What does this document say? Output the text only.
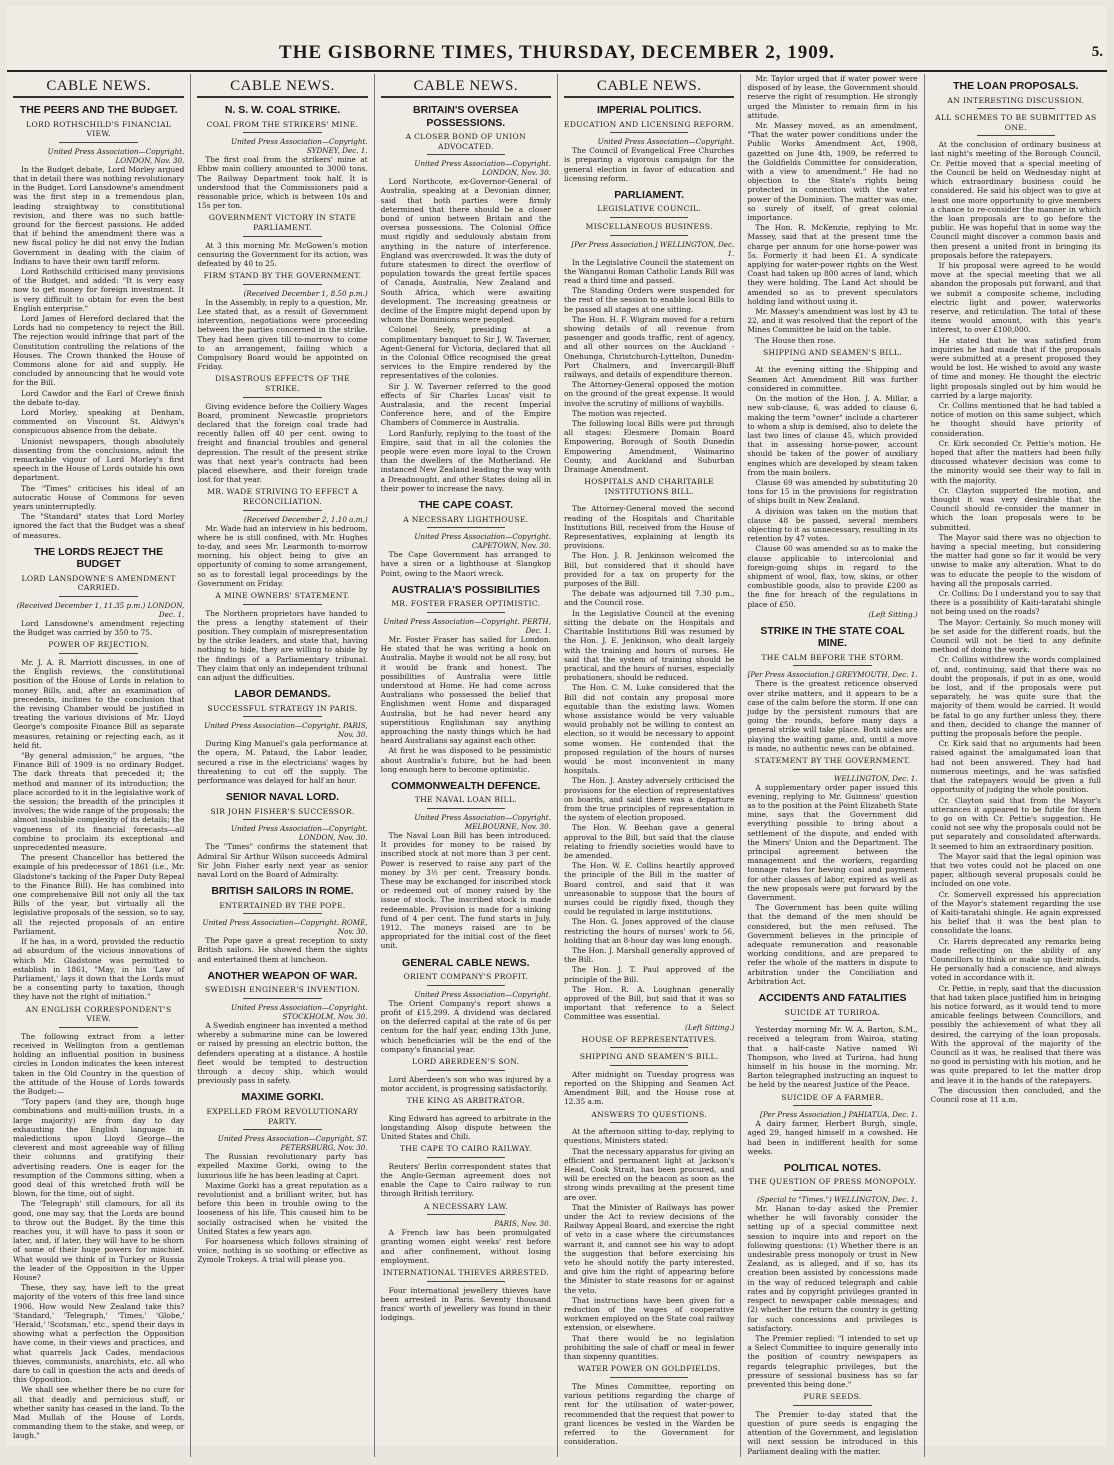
THE GISBORNE TIMES, THURSDAY, DECEMBER 2, 1909.	5.
CABLE NEWS.
THE PEERS AND THE BUDGET.
LORD ROTHSCHILD'S FINANCIAL VIEW.
United Press Association—Copyright. LONDON, Nov. 30.

In the Budget debate, Lord Morley argued that in detail there was nothing revolutionary in the Budget. Lord Lansdowne's amendment was the first step in a tremendous plan, leading straightway to constitutional revision, and there was no such battle-ground for the fiercest passions. He added that if behind the amendment there was a new fiscal policy he did not envy the Indian Government in dealing with the claim of Indians to have their own tariff reform.

Lord Rothschild criticised many provisions of the Budget, and added: "It is very easy now to get money for foreign investment. It is very difficult to obtain for even the best English enterprise."

Lord James of Hereford declared that the Lords had no competency to reject the Bill. The rejection would infringe that part of the Constitution controlling the relations of the Houses. The Crown thanked the House of Commons alone for aid and supply. He concluded by announcing that he would vote for the Bill.

Lord Cawdor and the Earl of Crewe finish the debate to-day.

Lord Morley, speaking at Denham, commented on Viscount St. Aldwyn's conspicuous absence from the debate.

Unionist newspapers, though absolutely dissenting from the conclusions, admit the remarkable vigour of Lord Morley's first speech in the House of Lords outside his own department.

The "Times" criticises his ideal of an autocratic House of Commons for seven years uninterruptedly.

The "Standard" states that Lord Morley ignored the fact that the Budget was a sheaf of measures.

THE LORDS REJECT THE BUDGET
LORD LANSDOWNE'S AMENDMENT CARRIED.
(Received December 1, 11.35 p.m.) LONDON, Dec. 1.

Lord Lansdowne's amendment rejecting the Budget was carried by 350 to 75.

POWER OF REJECTION.

Mr. J. A. R. Marriott discusses, in one of the English reviews, the constitutional position of the House of Lords in relation to money Bills, and, after an examination of precedents, inclines to the conclusion that the revising Chamber would be justified in treating the various divisions of Mr. Lloyd George's composite Finance Bill as separate measures, retaining or rejecting each, as it held fit.

"By general admission," he argues, "the Finance Bill of 1909 is no ordinary Budget. The dark threats that preceded it; the method and manner of its introduction; the place accorded to it in the legislative work of the session; the breadth of the principles it involves; the wide range of the proposals; the almost insoluble complexity of its details; the vagueness of its financial forecasts—all combine to proclaim its exceptional and unprecedented measure.

The present Chancellor has bettered the example of his predecessor of 1861 (i.e., Mr. Gladstone's tacking of the Paper Duty Repeal to the Finance Bill). He has combined into one comprehensive Bill not only all the tax Bills of the year, but virtually all the legislative proposals of the session, so to say, all the rejected proposals of an entire Parliament.

If he has, in a word, provided the reductio ad absurdum of the vicious innovations of which Mr. Gladstone was permitted to establish in 1861, "May, in his 'Law of Parliament,' lays it down that the Lords must be a consenting party to taxation, though they have not the right of initiation."

AN ENGLISH CORRESPONDENT'S VIEW.

The following extract from a letter received in Wellington from a gentleman holding an influential position in business circles in London indicates the keen interest taken in the Old Country in the question of the attitude of the House of Lords towards the Budget:—

"Tory papers (and they are, though huge combinations and multi-million trusts, in a large majority) are from day to day exhausting the English language in maledictions upon Lloyd George—the cleverest and most agreeable way of filling their columns and gratifying their advertising readers. One is eager for the resumption of the Commons sitting, when a good deal of this wretched froth will be blown, for the time, out of sight.

The 'Telegraph' still clamours, for all its good, one may say, that the Lords are bound to throw out the Budget. By the time this reaches you, it will have to pass it soon or later, and, if later, they will have to be shorn of some of their huge powers for mischief. What would we think of in Turkey or Russia the leader of the Opposition in the Upper House?

These, they say, have left to the great majority of the voters of this free land since 1906. How would New Zealand take this? 'Standard,' 'Telegraph,' 'Times,' 'Globe,' 'Herald,' 'Scotsman,' etc., spend their days in showing what a perfection the Opposition have come, in their views and practices, and what quarrels Jack Cades, mendacious thieves, communists, anarchists, etc. all who dare to call in question the acts and deeds of this Opposition.

We shall see whether there be no cure for all that deadly and pernicious stuff, or whether sanity has ceased in the land. To the Mad Mullah of the House of Lords, commanding them to the stake, and weep, or laugh."

CABLE NEWS.
N. S. W. COAL STRIKE.
COAL FROM THE STRIKERS' MINE.
United Press Association—Copyright. SYDNEY, Dec. 1.

The first coal from the strikers' mine at Ebbw main colliery amounted to 3000 tons. The Railway Department took half. It is understood that the Commissioners paid a reasonable price, which is between 10s and 15s per ton.

GOVERNMENT VICTORY IN STATE PARLIAMENT.

At 3 this morning Mr. McGowen's motion censuring the Government for its action, was defeated by 40 to 25.

FIRM STAND BY THE GOVERNMENT.
(Received December 1, 8.50 p.m.)

In the Assembly, in reply to a question, Mr. Lee stated that, as a result of Government intervention, negotiations were proceeding between the parties concerned in the strike. They had been given till to-morrow to come to an arrangement, failing which a Compulsory Board would be appointed on Friday.

DISASTROUS EFFECTS OF THE STRIKE.

Giving evidence before the Colliery Wages Board, prominent Newcastle proprietors declared that the foreign coal trade had recently fallen off 40 per cent. owing to freight and financial troubles and general depression. The result of the present strike was that next year's contracts had been placed elsewhere, and their foreign trade lost for that year.

MR. WADE STRIVING TO EFFECT A RECONCILIATION.
(Received December 2, 1.10 a.m.)

Mr. Wade had an interview in his bedroom, where he is still confined, with Mr. Hughes to-day, and sees Mr. Learmonth to-morrow morning, his object being to give an opportunity of coming to some arrangement, so as to forestall legal proceedings by the Government on Friday.

A MINE OWNERS' STATEMENT.

The Northern proprietors have handed to the press a lengthy statement of their position. They complain of misrepresentation by the strike leaders, and state that, having nothing to hide, they are willing to abide by the findings of a Parliamentary tribunal. They claim that only an independent tribunal can adjust the difficulties.

LABOR DEMANDS.
SUCCESSFUL STRATEGY IN PARIS.
United Press Association—Copyright. PARIS, Nov. 30.

During King Manuel's gala performance at the opera, M. Pataud, the Labor leader, secured a rise in the electricians' wages by threatening to cut off the supply. The performance was delayed for half an hour.

SENIOR NAVAL LORD.
SIR JOHN FISHER'S SUCCESSOR.
United Press Association—Copyright. LONDON, Nov. 30.

The "Times" confirms the statement that Admiral Sir Arthur Wilson succeeds Admiral Sir John Fisher early next year as senior naval Lord on the Board of Admiralty.

BRITISH SAILORS IN ROME.
ENTERTAINED BY THE POPE.
United Press Association—Copyright. ROME, Nov. 30.

The Pope gave a great reception to sixty British sailors. He showed them the sights and entertained them at luncheon.

ANOTHER WEAPON OF WAR.
SWEDISH ENGINEER'S INVENTION.
United Press Association—Copyright. STOCKHOLM, Nov. 30.

A Swedish engineer has invented a method whereby a submarine mine can be lowered or raised by pressing an electric button, the defenders operating at a distance. A hostile fleet would be tempted to destruction through a decoy ship, which would previously pass in safety.

MAXIME GORKI.
EXPELLED FROM REVOLUTIONARY PARTY.
United Press Association—Copyright. ST. PETERSBURG, Nov. 30.

The Russian revolutionary party has expelled Maxime Gorki, owing to the luxurious life he has been leading at Capri.

Maxime Gorki has a great reputation as a revolutionist and a brilliant writer, but has before this been in trouble owing to the looseness of his life. This caused him to be socially ostracised when he visited the United States a few years ago.

For hoarseness which follows straining of voice, nothing is so soothing or effective as Zymole Trokeys. A trial will please you.

CABLE NEWS.
BRITAIN'S OVERSEA POSSESSIONS.
A CLOSER BOND OF UNION ADVOCATED.
United Press Association—Copyright. LONDON, Nov. 30.

Lord Northcote, ex-Governor-General of Australia, speaking at a Devonian dinner, said that both parties were firmly determined that there should be a closer bond of union between Britain and the oversea possessions. The Colonial Office must rigidly and sedulously abstain from anything in the nature of interference. England was overcrowded. It was the duty of future statesmen to direct the overflow of population towards the great fertile spaces of Canada, Australia, New Zealand and South Africa, which were awaiting development. The increasing greatness or decline of the Empire might depend upon by whom the Dominions were peopled.

Colonel Seely, presiding at a complimentary banquet to Sir J. W. Taverner, Agent-General for Victoria, declared that all in the Colonial Office recognised the great services to the Empire rendered by the representatives of the colonies.

Sir J. W. Taverner referred to the good effects of Sir Charles Lucas' visit to Australasia, and the recent Imperial Conference here, and of the Empire Chambers of Commerce in Australia.

Lord Ranfurly, replying to the toast of the Empire, said that in all the colonies the people were even more loyal to the Crown than the dwellers of the Motherland. He instanced New Zealand leading the way with a Dreadnought, and other States doing all in their power to increase the navy.

THE CAPE COAST.
A NECESSARY LIGHTHOUSE.
United Press Association—Copyright. CAPETOWN, Nov. 30.

The Cape Government has arranged to have a siren or a lighthouse at Slangkop Point, owing to the Maori wreck.

AUSTRALIA'S POSSIBILITIES
MR. FOSTER FRASER OPTIMISTIC.
United Press Association—Copyright. PERTH, Dec. 1.

Mr. Foster Fraser has sailed for London. He stated that he was writing a book on Australia. Maybe it would not be all rosy, but it would be frank and honest. The possibilities of Australia were little understood at Home. He had come across Australians who possessed the belief that Englishmen went Home and disparaged Australia, but he had never heard any superstitious Englishman say anything approaching the nasty things which he had heard Australians say against each other.

At first he was disposed to be pessimistic about Australia's future, but he had been long enough here to become optimistic.

COMMONWEALTH DEFENCE.
THE NAVAL LOAN BILL.
United Press Association—Copyright. MELBOURNE, Nov. 30.

The Naval Loan Bill has been introduced. It provides for money to be raised by inscribed stock at not more than 3 per cent. Power is reserved to raise any part of the money by 3½ per cent. Treasury bonds. These may be exchanged for inscribed stock or redeemed out of money raised by the issue of stock. The inscribed stock is made redeemable. Provision is made for a sinking fund of 4 per cent. The fund starts in July, 1912. The moneys raised are to be appropriated for the initial cost of the fleet unit.

GENERAL CABLE NEWS.
ORIENT COMPANY'S PROFIT.
United Press Association—Copyright.

The Orient Company's report shows a profit of £15,299. A dividend was declared on the deferred capital at the rate of 6s per centum for the half year, ending 13th June, which beneficiaries will be the end of the company's financial year.

LORD ABERDEEN'S SON.

Lord Aberdeen's son who was injured by a motor accident, is progressing satisfactorily.

THE KING AS ARBITRATOR.

King Edward has agreed to arbitrate in the longstanding Alsop dispute between the United States and Chili.

THE CAPE TO CAIRO RAILWAY.

Reuters' Berlin correspondent states that the Anglo-German agreement does not enable the Cape to Cairo railway to run through British territory.

A NECESSARY LAW.
PARIS, Nov. 30.

A French law has been promulgated granting women eight weeks' rest before and after confinement, without losing employment.

INTERNATIONAL THIEVES ARRESTED.

Four international jewellery thieves have been arrested in Paris. Seventy thousand francs' worth of jewellery was found in their lodgings.

CABLE NEWS.
IMPERIAL POLITICS.
EDUCATION AND LICENSING REFORM.
United Press Association—Copyright.

The Council of Evangelical Free Churches is preparing a vigorous campaign for the general election in favor of education and licensing reform.

PARLIAMENT.
LEGISLATIVE COUNCIL.
MISCELLANEOUS BUSINESS.
[Per Press Association.] WELLINGTON, Dec. 1.

In the Legislative Council the statement on the Wanganui Roman Catholic Lands Bill was read a third time and passed.

The Standing Orders were suspended for the rest of the session to enable local Bills to be passed all stages at one sitting.

The Hon. H. F. Wigram moved for a return showing details of all revenue from passenger and goods traffic, rent of agency, and all other sources on the Auckland - Onehunga, Christchurch-Lyttelton, Dunedin-Port Chalmers, and Invercargill-Bluff railways, and details of expenditure thereon.

The Attorney-General opposed the motion on the ground of the great expense. It would involve the scrutiny of millions of waybills.

The motion was rejected.

The following local Bills were put through all stages: Elesmere Domain Board Empowering, Borough of South Dunedin Empowering Amendment, Waimarino County, and Auckland and Suburban Drainage Amendment.

HOSPITALS AND CHARITABLE INSTITUTIONS BILL.

The Attorney-General moved the second reading of the Hospitals and Charitable Institutions Bill, received from the House of Representatives, explaining at length its provisions.

The Hon. J. R. Jenkinson welcomed the Bill, but considered that it should have provided for a tax on property for the purposes of the Bill.

The debate was adjourned till 7.30 p.m., and the Council rose.

In the Legislative Council at the evening sitting the debate on the Hospitals and Charitable Institutions Bill was resumed by the Hon. J. E. Jenkinson, who dealt largely with the training and hours of nurses. He said that the system of training should be practical, and the hours of nurses, especially probationers, should be reduced.

The Hon. C. M. Luke considered that the Bill did not contain any proposal more equitable than the existing laws. Women whose assistance would be very valuable would probably not be willing to contest an election, so it would be necessary to appoint some women. He contended that the proposed regulation of the hours of nurses would be most inconvenient in many hospitals.

The Hon. J. Anstey adversely criticised the provisions for the election of representatives on boards, and said there was a departure from the true principles of representation in the system of election proposed.

The Hon. W. Beehan gave a general approval to the Bill, but said that the clause relating to friendly societies would have to be amended.

The Hon. W. E. Collins heartily approved the principle of the Bill in the matter of Board control, and said that it was unreasonable to suppose that the hours of nurses could be rigidly fixed, though they could be regulated in large institutions.

The Hon. G. Jones approved of the clause restricting the hours of nurses' work to 56, holding that an 8-hour day was long enough.

The Hon. J. Marshall generally approved of the Bill.

The Hon. J. T. Paul approved of the principle of the Bill.

The Hon. R. A. Loughnan generally approved of the Bill, but said that it was so important that reference to a Select Committee was essential.

(Left Sitting.)
HOUSE OF REPRESENTATIVES.
SHIPPING AND SEAMEN'S BILL.

After midnight on Tuesday progress was reported on the Shipping and Seamen Act Amendment Bill, and the House rose at 12.35 a.m.

ANSWERS TO QUESTIONS.

At the afternoon sitting to-day, replying to questions, Ministers stated:

That the necessary apparatus for giving an efficient and permanent light at Jackson's Head, Cook Strait, has been procured, and will be erected on the beacon as soon as the strong winds prevailing at the present time are over.

That the Minister of Railways has power under the Act to review decisions of the Railway Appeal Board, and exercise the right of veto in a case where the circumstances warrant it, and cannot see his way to adopt the suggestion that before exercising his veto he should notify the party interested, and give him the right of appearing before the Minister to state reasons for or against the veto.

That instructions have been given for a reduction of the wages of cooperative workmen employed on the State coal railway extension, or elsewhere.

That there would be no legislation prohibiting the sale of chaff or meal in fewer than sixpenny quantities.

WATER POWER ON GOLDFIELDS.

The Mines Committee, reporting on various petitions regarding the charge of rent for the utilisation of water-power, recommended that the request that power to grant licences be vested in the Warden be referred to the Government for consideration.

Mr. Taylor urged that if water power were disposed of by lease, the Government should reserve the right of resumption. He strongly urged the Minister to remain firm in his attitude.

Mr. Massey moved, as an amendment, "That the water power conditions under the Public Works Amendment Act, 1908, gazetted on June 4th, 1909, be referred to the Goldfields Committee for consideration, with a view to amendment." He had no objection to the State's rights being protected in connection with the water power of the Dominion. The matter was one, so surely of itself, of great colonial importance.

The Hon. R. McKenzie, replying to Mr. Massey, said that at the present time the charge per annum for one horse-power was 5s. Formerly it had been £1. A syndicate applying for water-power rights on the West Coast had taken up 800 acres of land, which they were holding. The Land Act should be amended so as to prevent speculators holding land without using it.

Mr. Massey's amendment was lost by 43 to 22, and it was resolved that the report of the Mines Committee be laid on the table.

The House then rose.

SHIPPING AND SEAMEN'S BILL.

At the evening sitting the Shipping and Seamen Act Amendment Bill was further considered in committee.

On the motion of the Hon. J. A. Millar, a new sub-clause, 6, was added to clause 6, making the term "owner" include a charterer to whom a ship is demised, also to delete the last two lines of clause 45, which provided that in assessing horse-power, account should be taken of the power of auxiliary engines which are developed by steam taken from the main boilers.

Clause 69 was amended by substituting 20 tons for 15 in the provisions for registration of ships built in New Zealand.

A division was taken on the motion that clause 48 be passed, several members objecting to it as unnecessary, resulting in its retention by 47 votes.

Clause 60 was amended so as to make the clause applicable to intercolonial and foreign-going ships in regard to the shipment of wool, flax, tow, skins, or other combustible goods, also to provide £200 as the fine for breach of the regulations in place of £50.

(Left Sitting.)
STRIKE IN THE STATE COAL MINE.
THE CALM BEFORE THE STORM.
[Per Press Association.] GREYMOUTH, Dec. 1.

There is the greatest reticence observed over strike matters, and it appears to be a case of the calm before the storm. If one can judge by the persistent rumours that are going the rounds, before many days a general strike will take place. Both sides are playing the waiting game, and, until a move is made, no authentic news can be obtained.

STATEMENT BY THE GOVERNMENT.
WELLINGTON, Dec. 1.

A supplementary order paper issued this evening, replying to Mr. Guinness' question as to the position at the Point Elizabeth State mine, says that the Government did everything possible to bring about a settlement of the dispute, and ended with the Miners' Union and the Department. The principal agreement between the management and the workers, regarding tonnage rates for hewing coal and payment for other classes of labor, expired as well as the new proposals were put forward by the Government.

The Government has been quite willing that the demand of the men should be considered, but the men refused. The Government believes in the principle of adequate remuneration and reasonable working conditions, and are prepared to refer the whole of the matters in dispute to arbitration under the Conciliation and Arbitration Act.

ACCIDENTS AND FATALITIES
SUICIDE AT TURIROA.

Yesterday morning Mr. W. A. Barton, S.M., received a telegram from Wairoa, stating that a half-caste Native named Wi Thompson, who lived at Turiroa, had hung himself in his house in the morning. Mr. Barton telegraphed instructing an inquest to be held by the nearest Justice of the Peace.

SUICIDE OF A FARMER.
[Per Press Association.] PAHIATUA, Dec. 1.

A dairy farmer, Herbert Burgh, single, aged 29, hanged himself in a cowshed. He had been in indifferent health for some weeks.

POLITICAL NOTES.
THE QUESTION OF PRESS MONOPOLY.
(Special to "Times.") WELLINGTON, Dec. 1.

Mr. Hanan to-day asked the Premier whether he will favorably consider the setting up of a special committee next session to inquire into and report on the following questions: (1) Whether there is an undesirable press monopoly or trust in New Zealand, as is alleged, and if so, has its creation been assisted by concessions made in the way of reduced telegraph and cable rates and by copyright privileges granted in respect to newspaper cable messages; and (2) whether the return the country is getting for such concessions and privileges is satisfactory.

The Premier replied: "I intended to set up a Select Committee to inquire generally into the position of country newspapers as regards telegraphic privileges, but the pressure of sessional business has so far prevented this being done."

PURE SEEDS.

The Premier to-day stated that the question of pure seeds is engaging the attention of the Government, and legislation will next session be introduced in this Parliament dealing with the matter.

THE LOAN PROPOSALS.
AN INTERESTING DISCUSSION.
ALL SCHEMES TO BE SUBMITTED AS ONE.

At the conclusion of ordinary business at last night's meeting of the Borough Council, Cr. Pettie moved that a special meeting of the Council be held on Wednesday night at which extraordinary business could be considered. He said his object was to give at least one more opportunity to give members a chance to re-consider the manner in which the loan proposals are to go before the public. He was hopeful that in some way the Council might discover a common basis and then present a united front in bringing its proposals before the ratepayers.

If his proposal were agreed to he would move at the special meeting that we all abandon the proposals put forward, and that we submit a composite scheme, including electric light and power, waterworks reserve, and reticulation. The total of these items would amount, with this year's interest, to over £100,000.

He stated that he was satisfied from inquiries he had made that if the proposals were submitted at a present proposed they would be lost. He wished to avoid any waste of time and money. He thought the electric light proposals singled out by him would be carried by a large majority.

Cr. Collins mentioned that he had tabled a notice of motion on this same subject, which he thought should have priority of consideration.

Cr. Kirk seconded Cr. Pettie's motion. He hoped that after the matters had been fully discussed whatever decision was come to the minority would see their way to fall in with the majority.

Cr. Clayton supported the motion, and thought it was very desirable that the Council should re-consider the manner in which the loan proposals were to be submitted.

The Mayor said there was no objection to having a special meeting, but considering the matter had gone so far it would be very unwise to make any alteration. What to do was to educate the people to the wisdom of having all the proposals carried.

Cr. Collins: Do I understand you to say that there is a possibility of Kaiti-taratahi shingle not being used on the roads?

The Mayor: Certainly. So much money will be set aside for the different roads, but the Council will not be tied to any definite method of doing the work.

Cr. Collins withdrew the words complained of, and, continuing, said that there was no doubt the proposals, if put in as one, would be lost, and if the proposals were put separately, he was quite sure that the majority of them would be carried. It would be fatal to go any further unless they, there and then, decided to change the manner of putting the proposals before the people.

Cr. Kirk said that no arguments had been raised against the amalgamated loan that had not been answered. They had had numerous meetings, and he was satisfied that the ratepayers would be given a full opportunity of judging the whole position.

Cr. Clayton said that from the Mayor's utterances it appeared to be futile for them to go on with Cr. Pettie's suggestion. He could not see why the proposals could not be put separately and consolidated afterwards. It seemed to him an extraordinary position.

The Mayor said that the legal opinion was that two votes could not be placed on one paper, although several proposals could be included on one vote.

Cr. Somervell expressed his appreciation of the Mayor's statement regarding the use of Kaiti-taratahi shingle. He again expressed his belief that it was the best plan to consolidate the loans.

Cr. Harris deprecated any remarks being made reflecting on the ability of any Councillors to think or make up their minds. He personally had a conscience, and always voted in accordance with it.

Cr. Pettie, in reply, said that the discussion that had taken place justified him in bringing his notice forward, as it would tend to more amicable feelings between Councillors, and possibly the achievement of what they all desired, the carrying of the loan proposals. With the approval of the majority of the Council as it was, he realised that there was no good in persisting with his motion, and he was quite prepared to let the matter drop and leave it in the hands of the ratepayers.

The discussion then concluded, and the Council rose at 11 a.m.
